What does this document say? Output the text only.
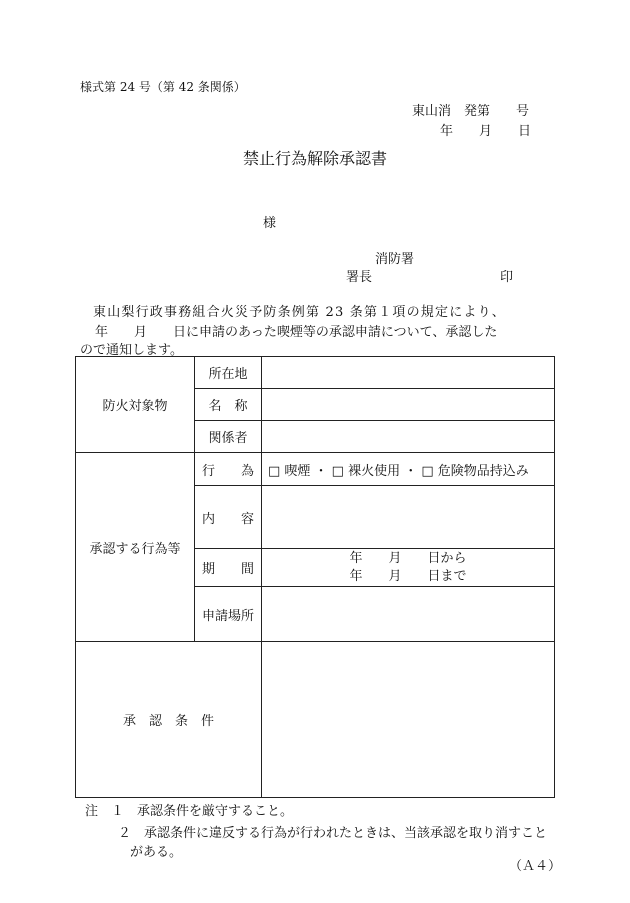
様式第 24 号（第 42 条関係）
東山消　発第　　号
年　　月　　日
禁止行為解除承認書
様
消防署
署長	印
東山梨行政事務組合火災予防条例第 23 条第１項の規定により、
年　　月　　日に申請のあった喫煙等の承認申請について、承認した
ので通知します。
防火対象物	所在地	
	名　称	
	関係者	
承認する行為等	行　　為	□ 喫煙 ・ □ 裸火使用 ・ □ 危険物品持込み
	内　　容	
	期　　間	年　　月　　日から
年　　月　　日まで

	申請場所	
承　認　条　件		
注　１　承認条件を厳守すること。
２　承認条件に違反する行為が行われたときは、当該承認を取り消すこと
がある。
（Ａ４）
